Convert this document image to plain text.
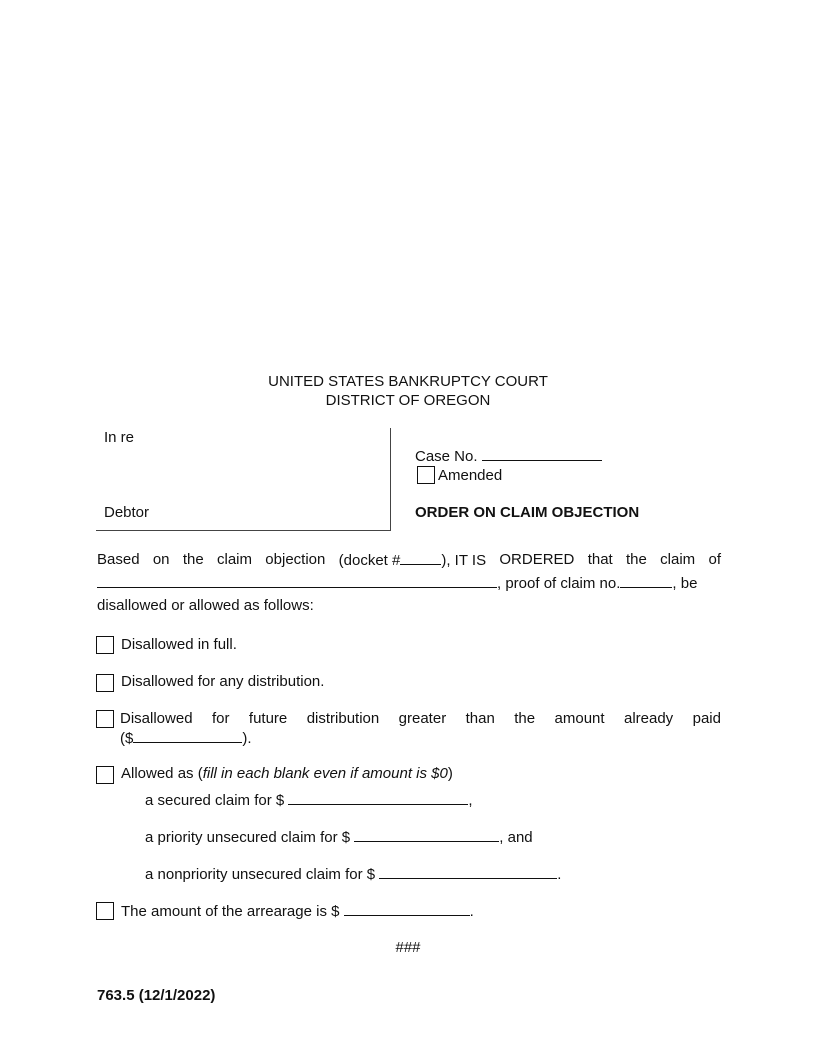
UNITED STATES BANKRUPTCY COURT
DISTRICT OF OREGON
In re
Debtor
Case No.
Amended
ORDER ON CLAIM OBJECTION
Based on the claim objection (docket #	), IT IS ORDERED that the claim of
, proof of claim no.	, be
disallowed or allowed as follows:
Disallowed in full.
Disallowed for any distribution.
Disallowed for future distribution greater than the amount already paid
($	).
Allowed as (fill in each blank even if amount is $0)
a secured claim for $	,
a priority unsecured claim for $	, and
a nonpriority unsecured claim for $	.
The amount of the arrearage is $	.
###
763.5 (12/1/2022)
